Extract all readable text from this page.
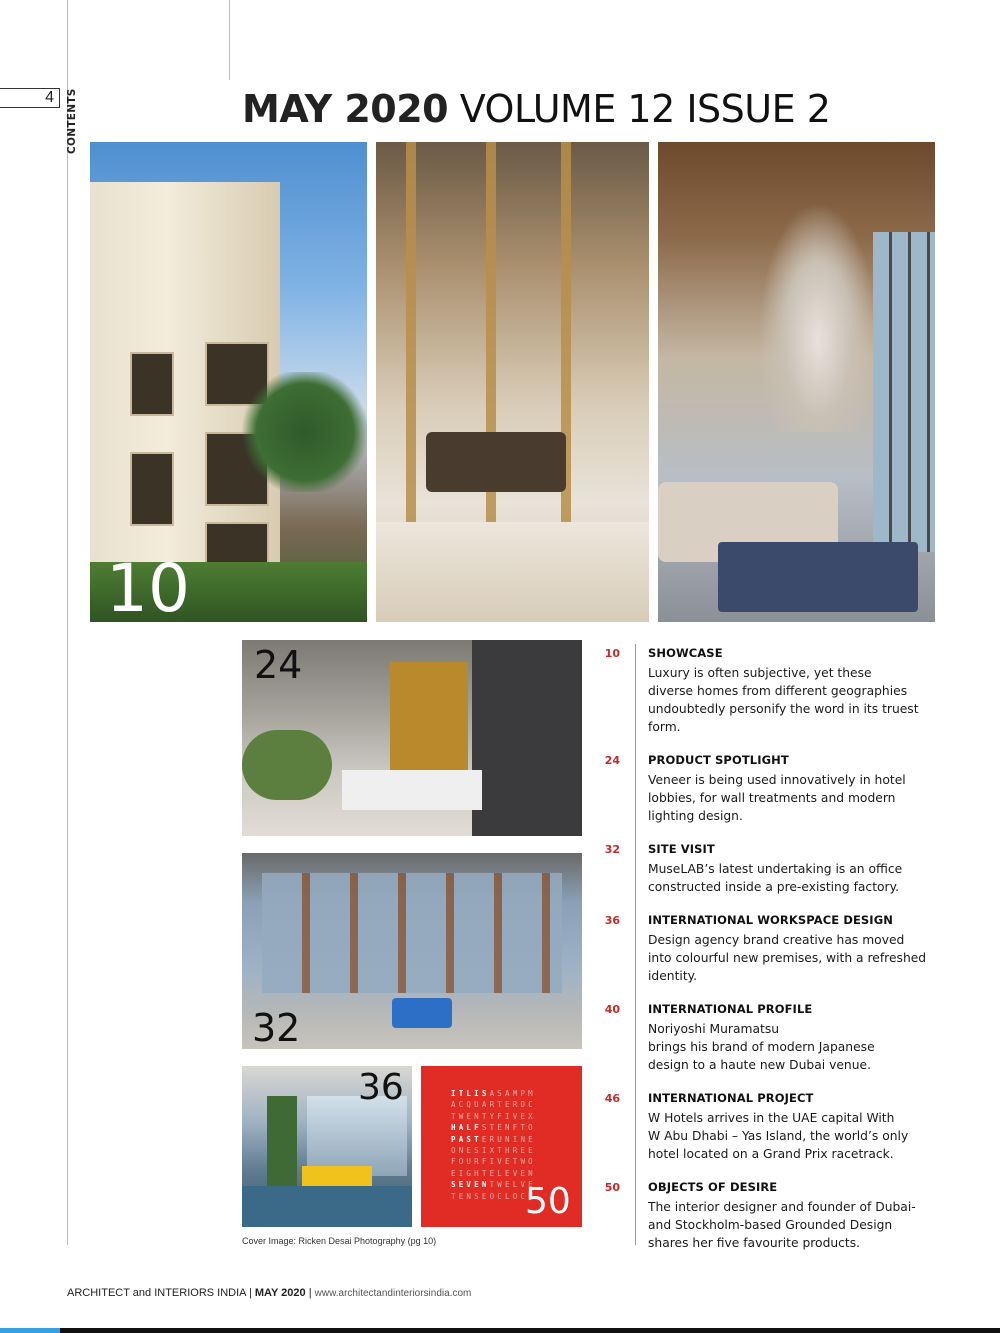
4	CONTENTS	MAY 2020 VOLUME 12 ISSUE 2
10
24
32
36	ITLISASAMPM
ACQUARTERDC
TWENTYFIVEX
HALFSTENFTO
PASTERUNINE
ONESIXTHREE
FOURFIVETWO
EIGHTELEVEN
SEVENTWELVE
TENSEOCLOCK
50
Cover Image: Ricken Desai Photography (pg 10)
10 SHOWCASE
Luxury is often subjective, yet these
diverse homes from different geographies
undoubtedly personify the word in its truest
form.
24 PRODUCT SPOTLIGHT
Veneer is being used innovatively in hotel
lobbies, for wall treatments and modern
lighting design.
32 SITE VISIT
MuseLAB’s latest undertaking is an office
constructed inside a pre-existing factory.
36 INTERNATIONAL WORKSPACE DESIGN
Design agency brand creative has moved
into colourful new premises, with a refreshed
identity.
40 INTERNATIONAL PROFILE
Noriyoshi Muramatsu
brings his brand of modern Japanese
design to a haute new Dubai venue.
46 INTERNATIONAL PROJECT
W Hotels arrives in the UAE capital With
W Abu Dhabi – Yas Island, the world’s only
hotel located on a Grand Prix racetrack.
50 OBJECTS OF DESIRE
The interior designer and founder of Dubai-
and Stockholm-based Grounded Design
shares her five favourite products.
ARCHITECT and INTERIORS INDIA | MAY 2020 | www.architectandinteriorsindia.com
